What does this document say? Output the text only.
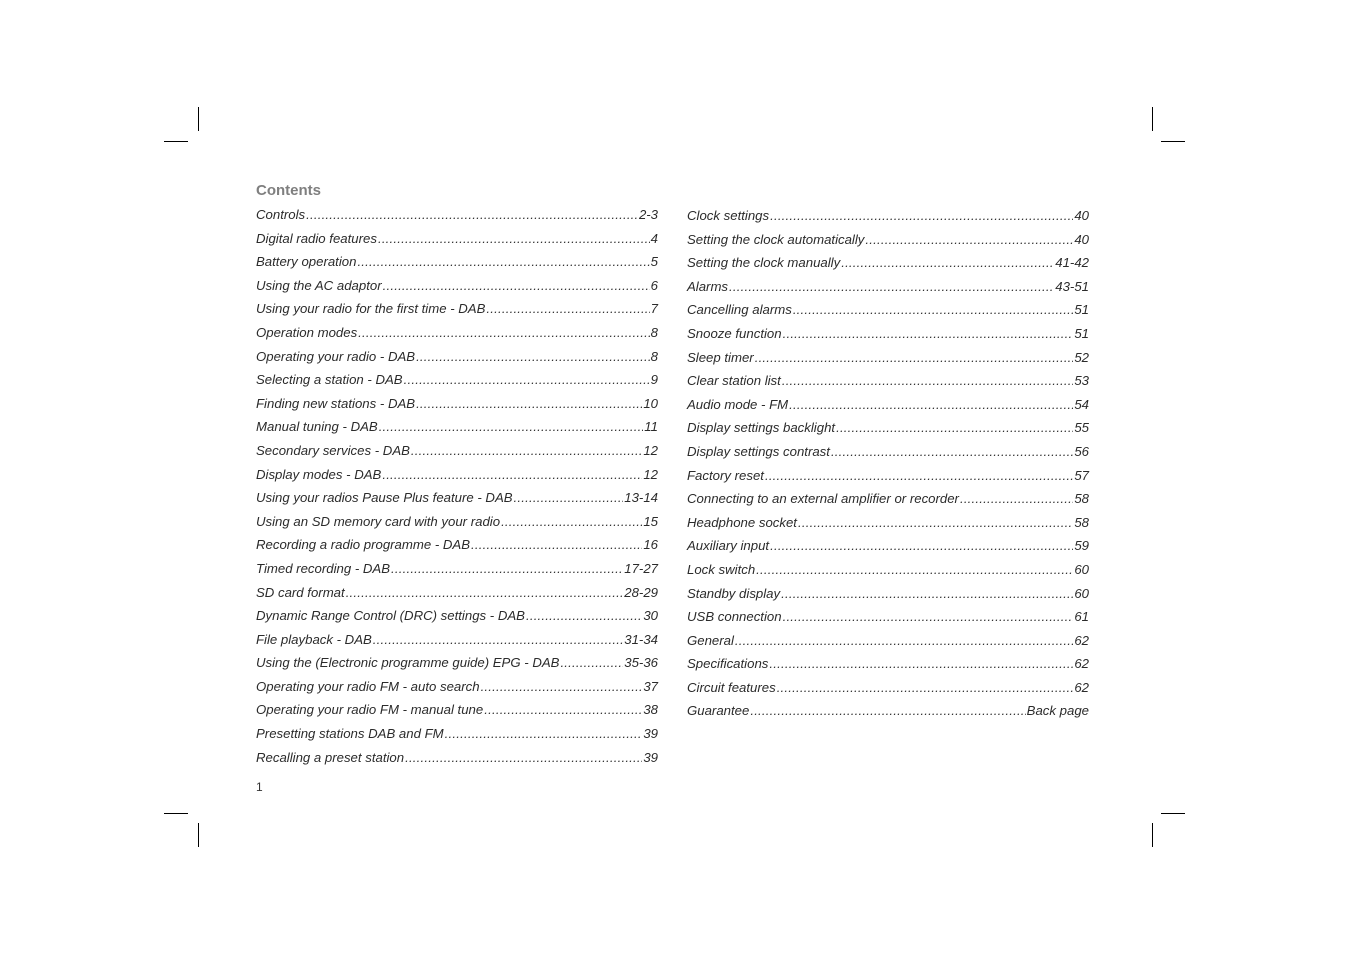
Contents
Controls .....	2-3
Digital radio features .....	4
Battery operation .....	5
Using the AC adaptor .....	6
Using your radio for the first time - DAB .....	7
Operation modes .....	8
Operating your radio - DAB .....	8
Selecting a station - DAB .....	9
Finding new stations - DAB .....	10
Manual tuning - DAB .....	11
Secondary services - DAB .....	12
Display modes - DAB .....	12
Using your radios Pause Plus feature - DAB .....	13-14
Using an SD memory card with your radio .....	15
Recording a radio programme - DAB .....	16
Timed recording - DAB .....	17-27
SD card format .....	28-29
Dynamic Range Control (DRC) settings - DAB .....	30
File playback - DAB .....	31-34
Using the (Electronic programme guide) EPG - DAB .....	35-36
Operating your radio FM - auto search .....	37
Operating your radio FM - manual tune .....	38
Presetting stations DAB and FM .....	39
Recalling a preset station .....	39
Clock settings .....	40
Setting the clock automatically .....	40
Setting the clock manually .....	41-42
Alarms .....	43-51
Cancelling alarms .....	51
Snooze function .....	51
Sleep timer .....	52
Clear station list .....	53
Audio mode - FM .....	54
Display settings backlight .....	55
Display settings contrast .....	56
Factory reset .....	57
Connecting to an external amplifier or recorder .....	58
Headphone socket .....	58
Auxiliary input .....	59
Lock switch .....	60
Standby display .....	60
USB connection .....	61
General .....	62
Specifications .....	62
Circuit features .....	62
Guarantee .....	Back page
1
